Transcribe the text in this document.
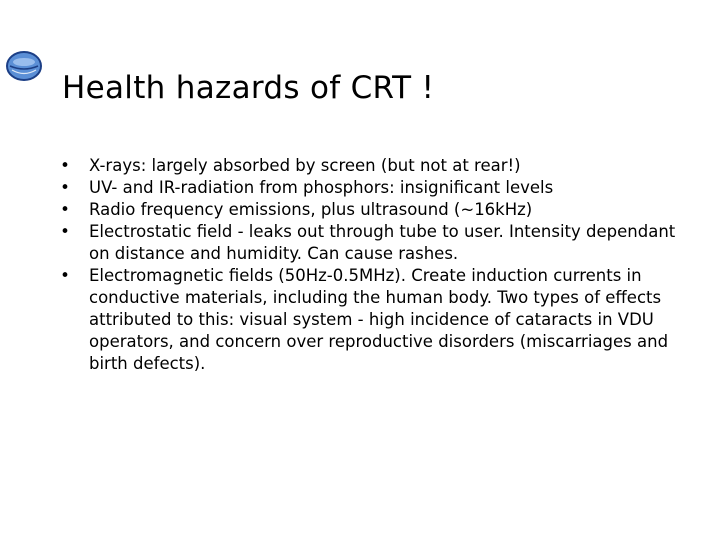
Health hazards of CRT !
• X-rays: largely absorbed by screen (but not at rear!)
• UV- and IR-radiation from phosphors: insignificant levels
• Radio frequency emissions, plus ultrasound (~16kHz)
• Electrostatic field - leaks out through tube to user. Intensity dependant on distance and humidity. Can cause rashes.
• Electromagnetic fields (50Hz-0.5MHz). Create induction currents in conductive materials, including the human body. Two types of effects attributed to this: visual system - high incidence of cataracts in VDU operators, and concern over reproductive disorders (miscarriages and birth defects).
